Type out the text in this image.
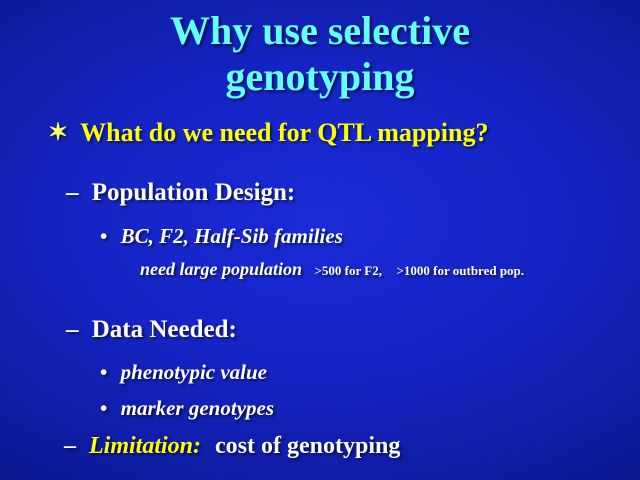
Why use selective
genotyping
✶ What do we need for QTL mapping?
– Population Design:
• BC, F2, Half-Sib families
need large population >500 for F2, >1000 for outbred pop.
– Data Needed:
• phenotypic value
• marker genotypes
– Limitation: cost of genotyping
